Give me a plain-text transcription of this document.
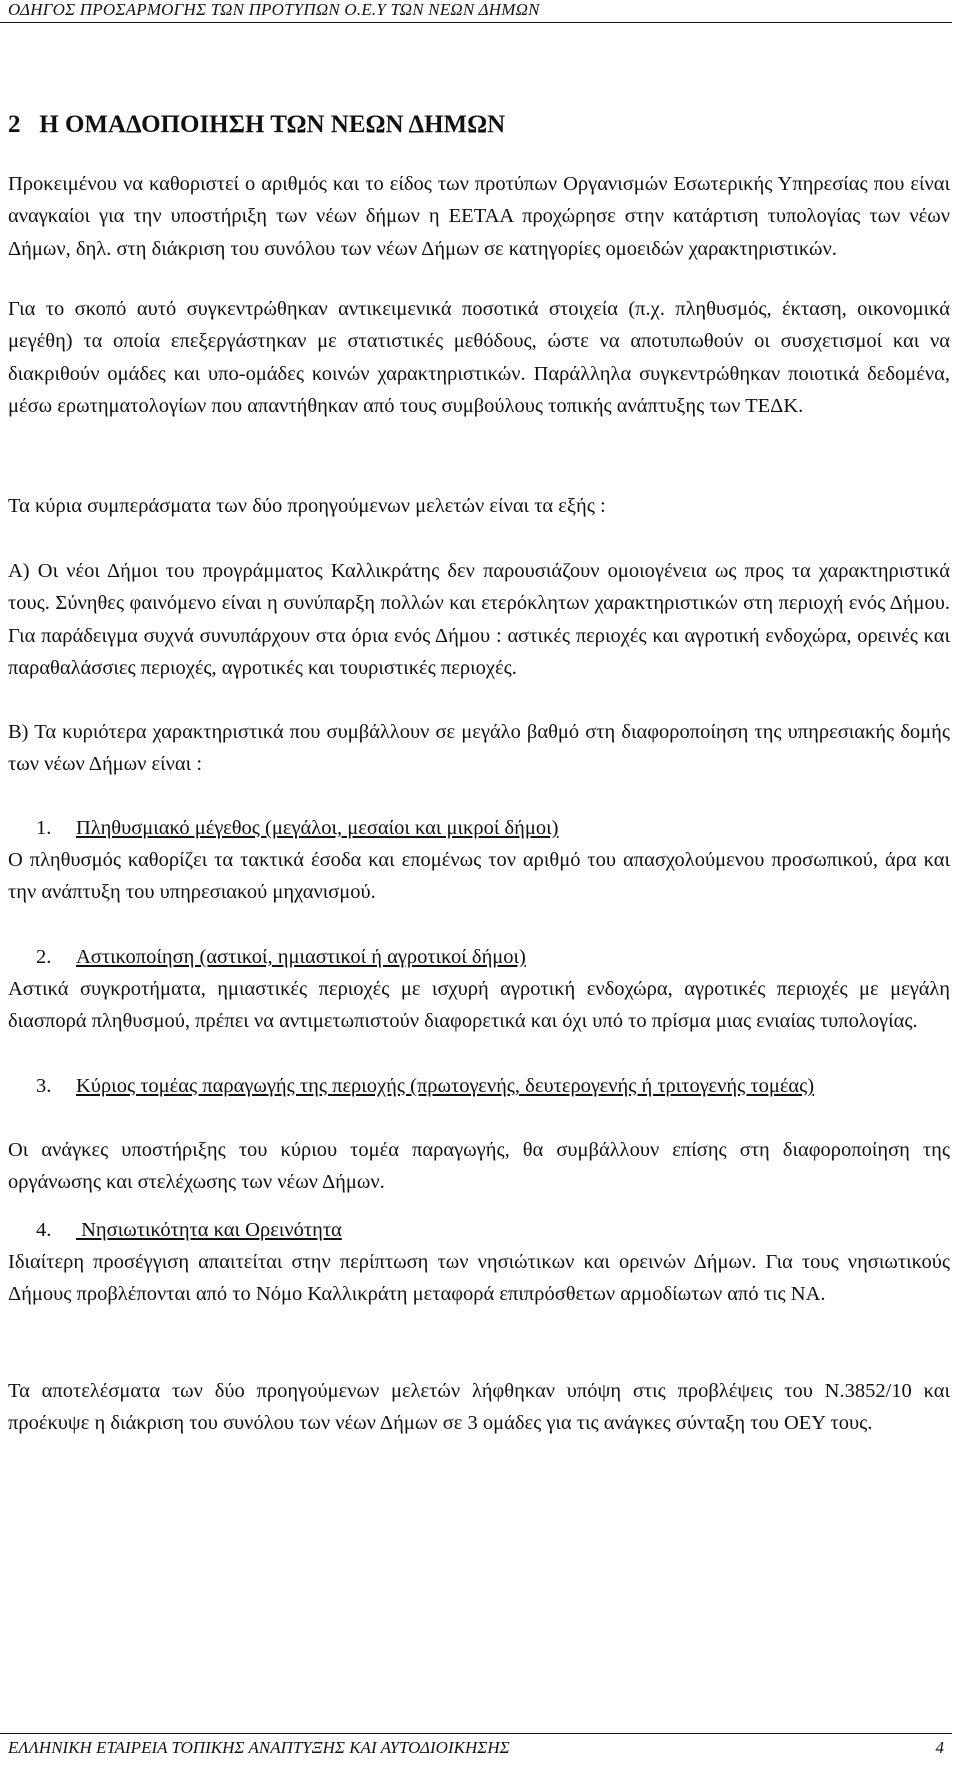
ΟΔΗΓΟΣ ΠΡΟΣΑΡΜΟΓΗΣ ΤΩΝ ΠΡΟΤΥΠΩΝ Ο.Ε.Υ ΤΩΝ ΝΕΩΝ ΔΗΜΩΝ
2   Η ΟΜΑΔΟΠΟΙΗΣΗ ΤΩΝ ΝΕΩΝ ΔΗΜΩΝ

Προκειμένου να καθοριστεί ο αριθμός και το είδος των προτύπων Οργανισμών Εσωτερικής Υπηρεσίας που είναι αναγκαίοι για την υποστήριξη των νέων δήμων η ΕΕΤΑΑ προχώρησε στην κατάρτιση τυπολογίας των νέων Δήμων, δηλ. στη διάκριση του συνόλου των νέων Δήμων σε κατηγορίες ομοειδών χαρακτηριστικών.

Για το σκοπό αυτό συγκεντρώθηκαν αντικειμενικά ποσοτικά στοιχεία (π.χ. πληθυσμός, έκταση, οικονομικά μεγέθη) τα οποία επεξεργάστηκαν με στατιστικές μεθόδους, ώστε να αποτυπωθούν οι συσχετισμοί και να διακριθούν ομάδες και υπο-ομάδες κοινών χαρακτηριστικών. Παράλληλα συγκεντρώθηκαν ποιοτικά δεδομένα, μέσω ερωτηματολογίων που απαντήθηκαν από τους συμβούλους τοπικής ανάπτυξης των ΤΕΔΚ.

Τα κύρια συμπεράσματα των δύο προηγούμενων μελετών είναι τα εξής :

Α) Οι νέοι Δήμοι του προγράμματος Καλλικράτης δεν παρουσιάζουν ομοιογένεια ως προς τα χαρακτηριστικά τους. Σύνηθες φαινόμενο είναι η συνύπαρξη πολλών και ετερόκλητων χαρακτηριστικών στη περιοχή ενός Δήμου. Για παράδειγμα συχνά συνυπάρχουν στα όρια ενός Δήμου : αστικές περιοχές και αγροτική ενδοχώρα, ορεινές και παραθαλάσσιες περιοχές, αγροτικές και τουριστικές περιοχές.

Β) Τα κυριότερα χαρακτηριστικά που συμβάλλουν σε μεγάλο βαθμό στη διαφοροποίηση της υπηρεσιακής δομής των νέων Δήμων είναι :

1. Πληθυσμιακό μέγεθος (μεγάλοι, μεσαίοι και μικροί δήμοι)

Ο πληθυσμός καθορίζει τα τακτικά έσοδα και επομένως τον αριθμό του απασχολούμενου προσωπικού, άρα και την ανάπτυξη του υπηρεσιακού μηχανισμού.

2. Αστικοποίηση (αστικοί, ημιαστικοί ή αγροτικοί δήμοι)

Αστικά συγκροτήματα, ημιαστικές περιοχές με ισχυρή αγροτική ενδοχώρα, αγροτικές περιοχές με μεγάλη διασπορά πληθυσμού, πρέπει να αντιμετωπιστούν διαφορετικά και όχι υπό το πρίσμα μιας ενιαίας τυπολογίας.

3. Κύριος τομέας παραγωγής της περιοχής (πρωτογενής, δευτερογενής ή τριτογενής τομέας)

Οι ανάγκες υποστήριξης του κύριου τομέα παραγωγής, θα συμβάλλουν επίσης στη διαφοροποίηση της οργάνωσης και στελέχωσης των νέων Δήμων.

4. Νησιωτικότητα και Ορεινότητα

Ιδιαίτερη προσέγγιση απαιτείται στην περίπτωση των νησιώτικων και ορεινών Δήμων. Για τους νησιωτικούς Δήμους προβλέπονται από το Νόμο Καλλικράτη μεταφορά επιπρόσθετων αρμοδίωτων από τις ΝΑ.

Τα αποτελέσματα των δύο προηγούμενων μελετών λήφθηκαν υπόψη στις προβλέψεις του Ν.3852/10 και προέκυψε η διάκριση του συνόλου των νέων Δήμων σε 3 ομάδες για τις ανάγκες σύνταξη του ΟΕΥ τους.

ΕΛΛΗΝΙΚΗ ΕΤΑΙΡΕΙΑ ΤΟΠΙΚΗΣ ΑΝΑΠΤΥΞΗΣ ΚΑΙ ΑΥΤΟΔΙΟΙΚΗΣΗΣ	4
